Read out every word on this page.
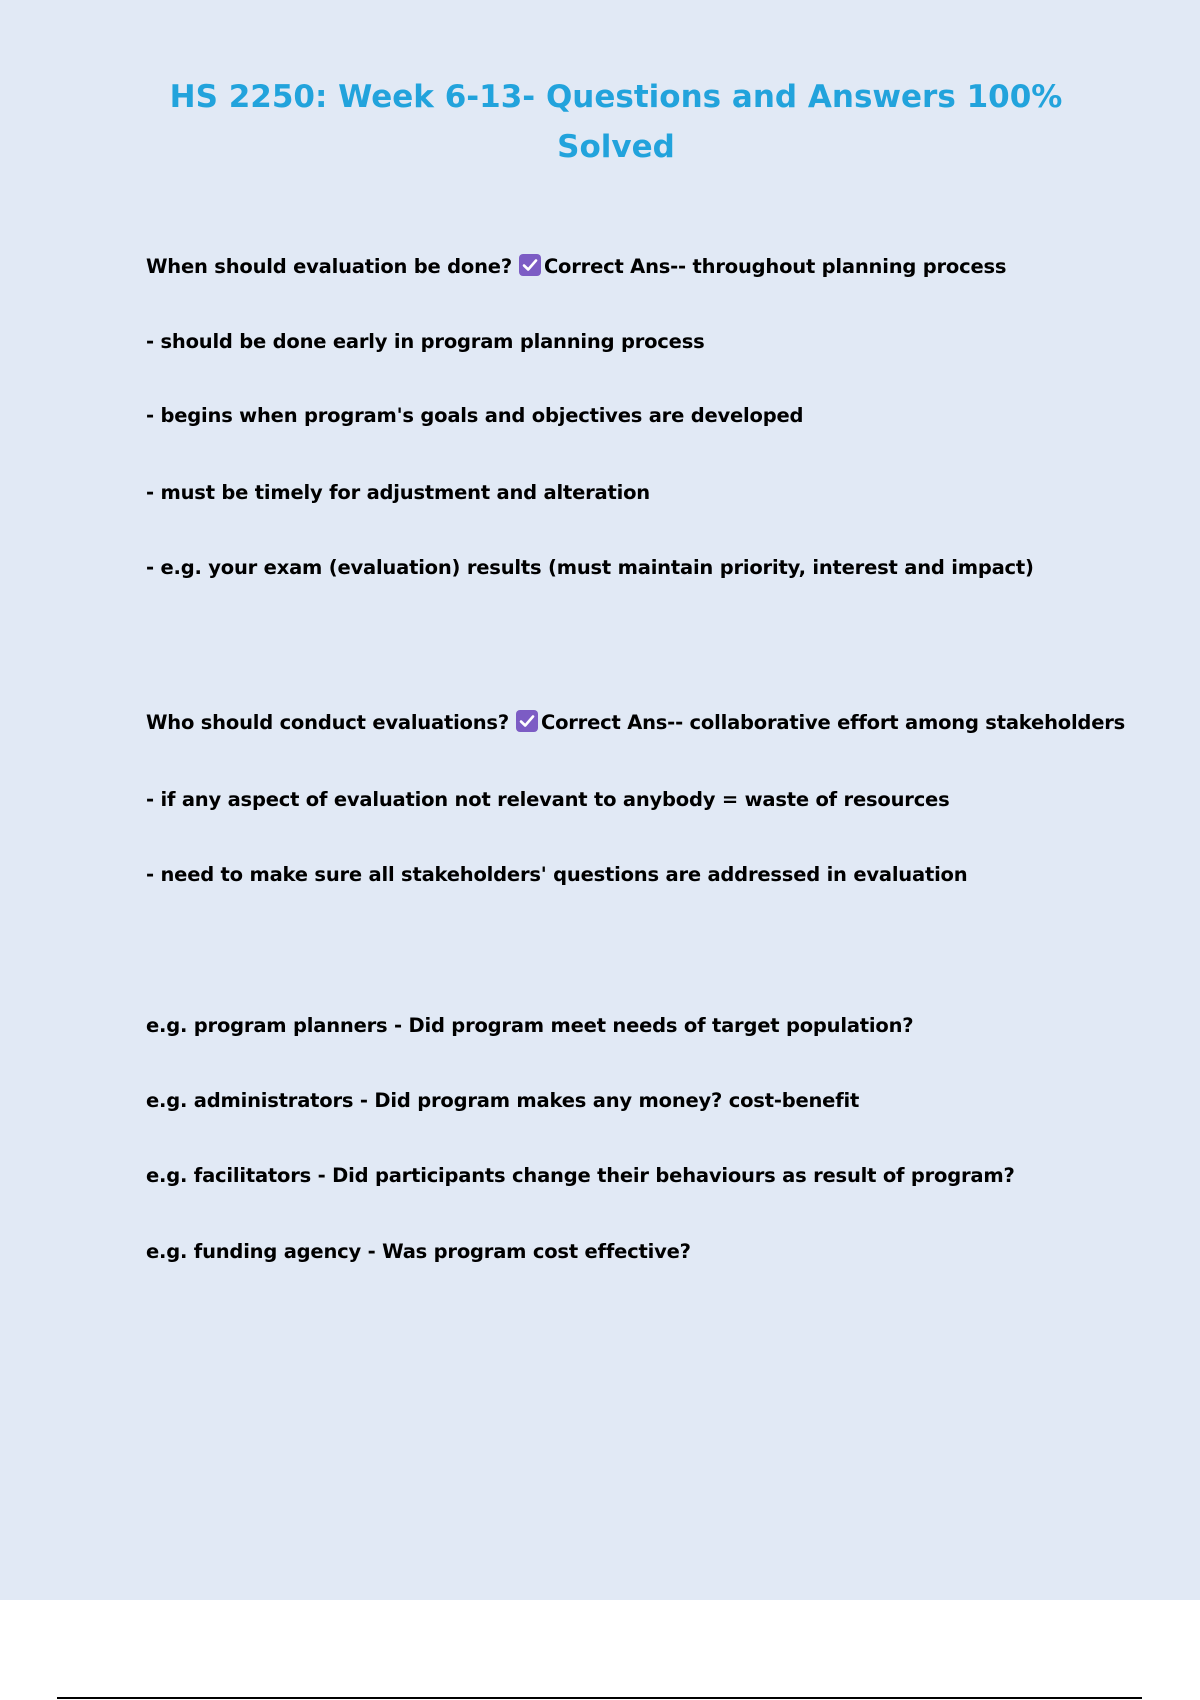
HS 2250: Week 6-13- Questions and Answers 100%
Solved

When should evaluation be done? Correct Ans-- throughout planning process

- should be done early in program planning process

- begins when program's goals and objectives are developed

- must be timely for adjustment and alteration

- e.g. your exam (evaluation) results (must maintain priority, interest and impact)

Who should conduct evaluations? Correct Ans-- collaborative effort among stakeholders

- if any aspect of evaluation not relevant to anybody = waste of resources

- need to make sure all stakeholders' questions are addressed in evaluation

e.g. program planners - Did program meet needs of target population?

e.g. administrators - Did program makes any money? cost-benefit

e.g. facilitators - Did participants change their behaviours as result of program?

e.g. funding agency - Was program cost effective?
